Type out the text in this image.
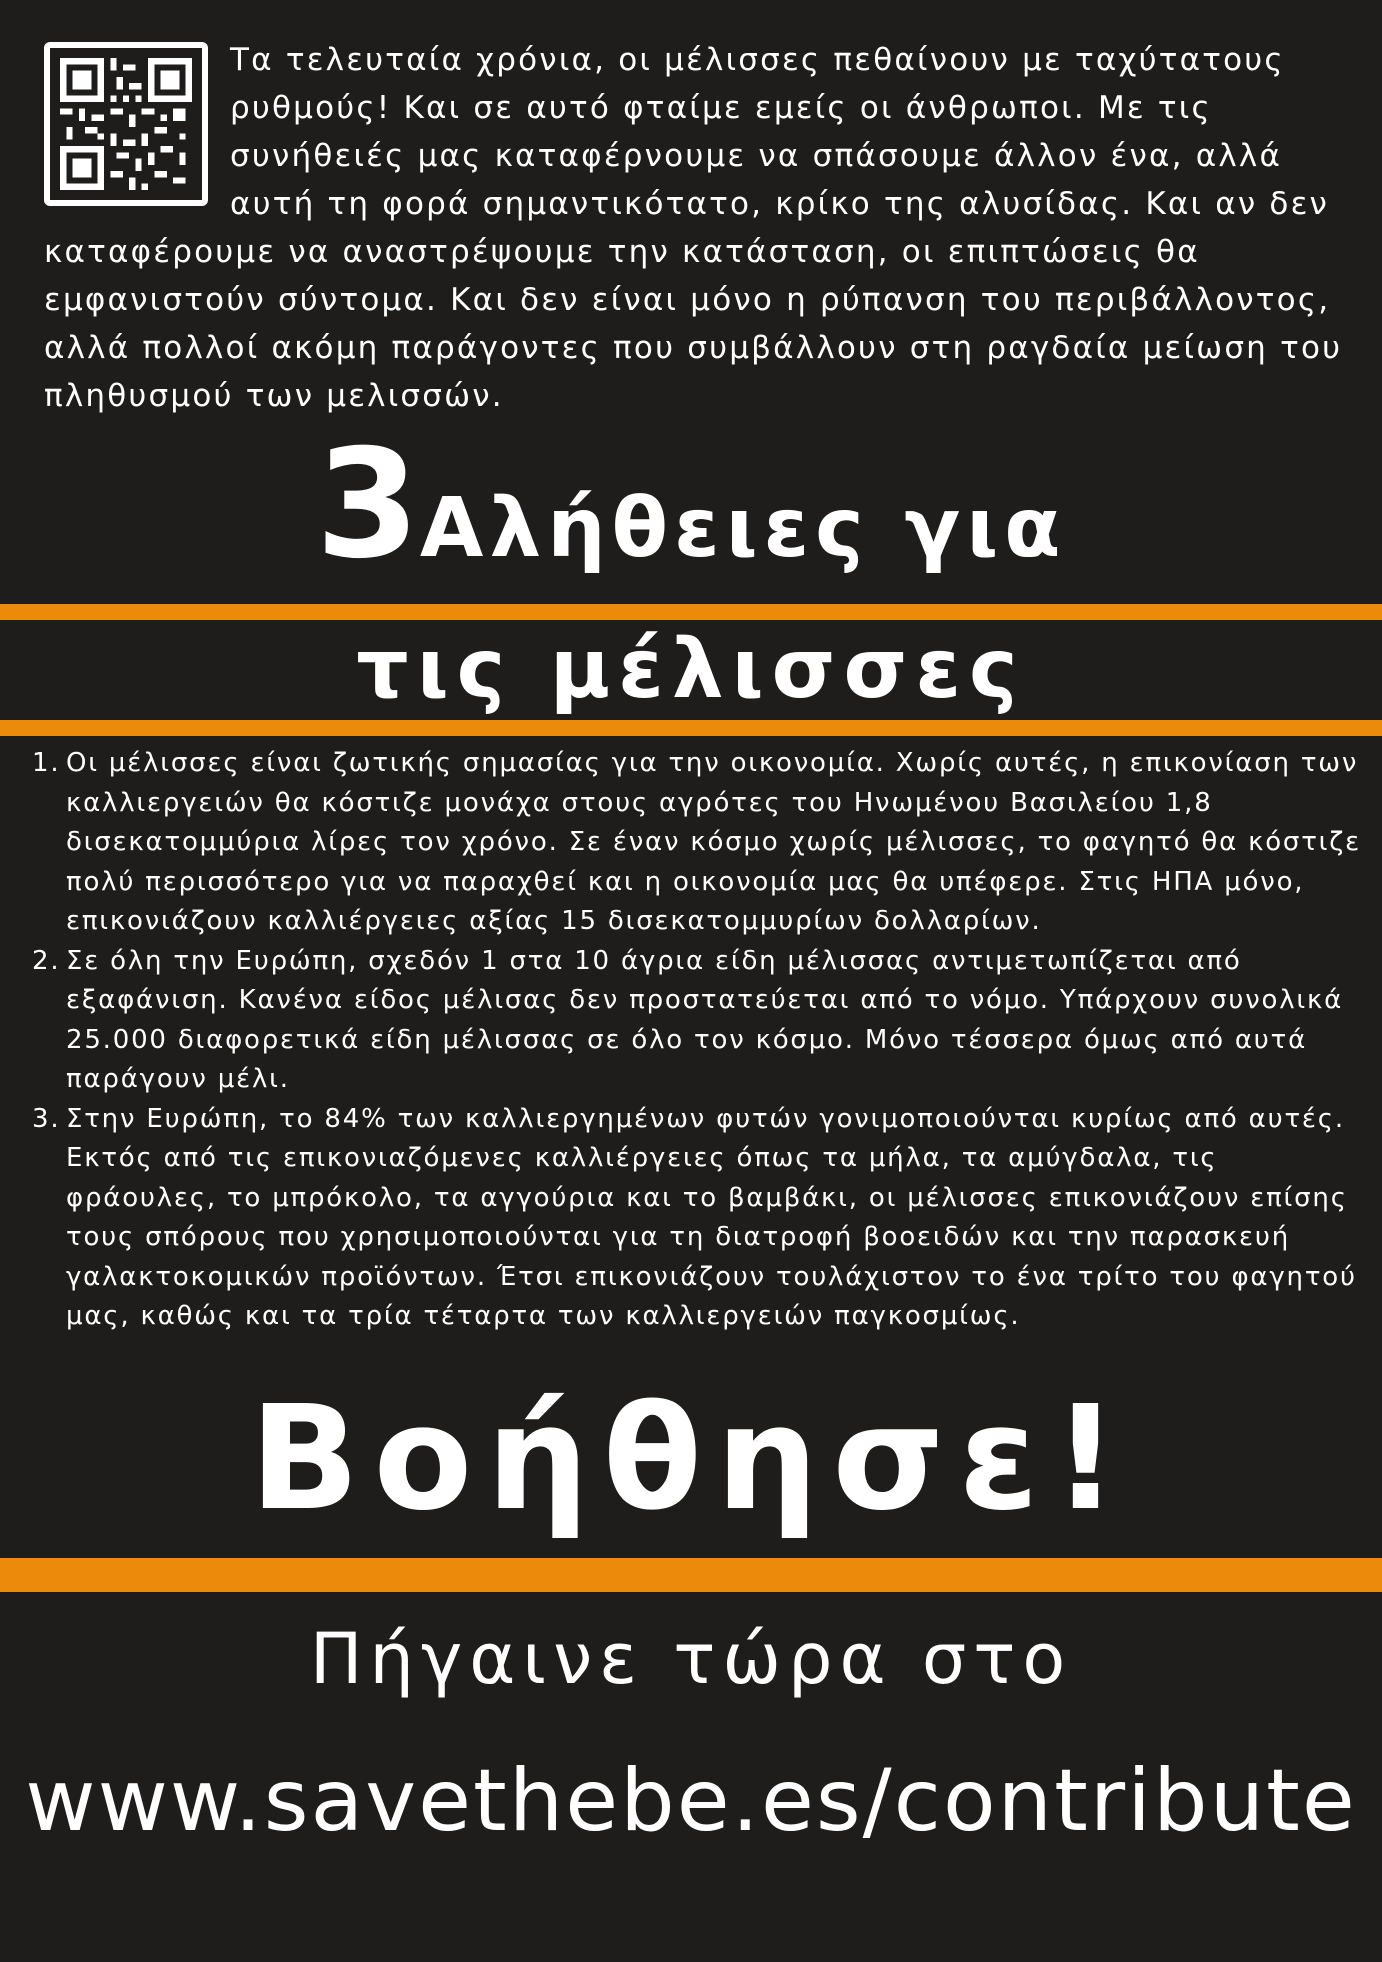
Τα τελευταία χρόνια, οι μέλισσες πεθαίνουν με ταχύτατους ρυθμούς! Και σε αυτό φταίμε εμείς οι άνθρωποι. Με τις συνήθειές μας καταφέρνουμε να σπάσουμε άλλον ένα, αλλά αυτή τη φορά σημαντικότατο, κρίκο της αλυσίδας. Και αν δεν καταφέρουμε να αναστρέψουμε την κατάσταση, οι επιπτώσεις θα εμφανιστούν σύντομα. Και δεν είναι μόνο η ρύπανση του περιβάλλοντος, αλλά πολλοί ακόμη παράγοντες που συμβάλλουν στη ραγδαία μείωση του πληθυσμού των μελισσών.
3Αλήθειες για
τις μέλισσες
1. Οι μέλισσες είναι ζωτικής σημασίας για την οικονομία. Χωρίς αυτές, η επικονίαση των καλλιεργειών θα κόστιζε μονάχα στους αγρότες του Ηνωμένου Βασιλείου 1,8 δισεκατομμύρια λίρες τον χρόνο. Σε έναν κόσμο χωρίς μέλισσες, το φαγητό θα κόστιζε πολύ περισσότερο για να παραχθεί και η οικονομία μας θα υπέφερε. Στις ΗΠΑ μόνο, επικονιάζουν καλλιέργειες αξίας 15 δισεκατομμυρίων δολλαρίων.
2. Σε όλη την Ευρώπη, σχεδόν 1 στα 10 άγρια είδη μέλισσας αντιμετωπίζεται από εξαφάνιση. Κανένα είδος μέλισας δεν προστατεύεται από το νόμο. Υπάρχουν συνολικά 25.000 διαφορετικά είδη μέλισσας σε όλο τον κόσμο. Μόνο τέσσερα όμως από αυτά παράγουν μέλι.
3. Στην Ευρώπη, το 84% των καλλιεργημένων φυτών γονιμοποιούνται κυρίως από αυτές. Εκτός από τις επικονιαζόμενες καλλιέργειες όπως τα μήλα, τα αμύγδαλα, τις φράουλες, το μπρόκολο, τα αγγούρια και το βαμβάκι, οι μέλισσες επικονιάζουν επίσης τους σπόρους που χρησιμοποιούνται για τη διατροφή βοοειδών και την παρασκευή γαλακτοκομικών προϊόντων. Έτσι επικονιάζουν τουλάχιστον το ένα τρίτο του φαγητού μας, καθώς και τα τρία τέταρτα των καλλιεργειών παγκοσμίως.
Βοήθησε!
Πήγαινε τώρα στο
www.savethebe.es/contribute
